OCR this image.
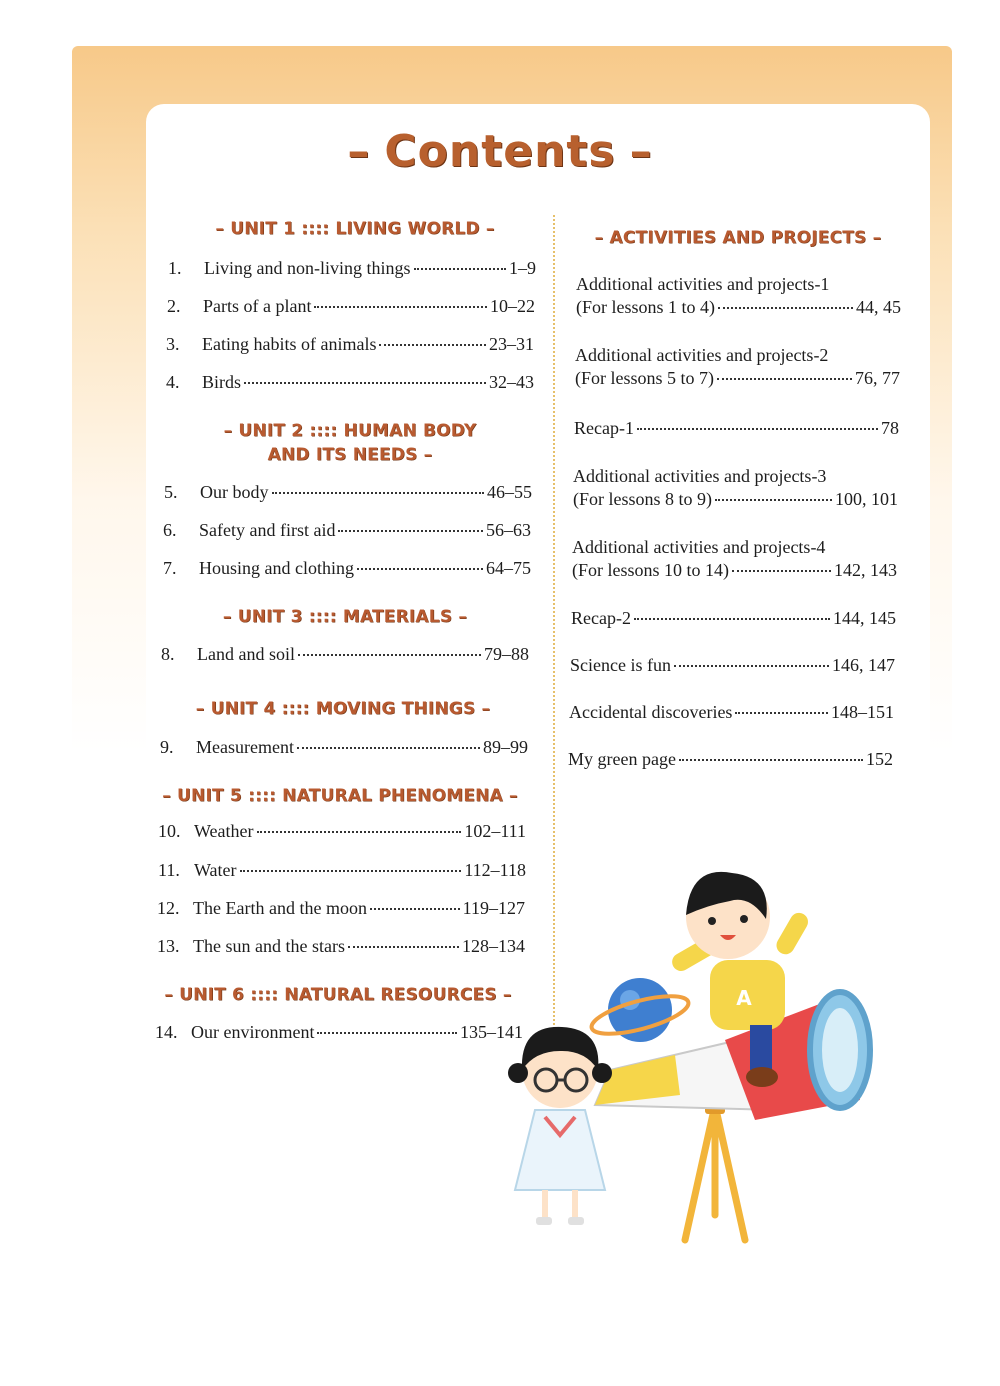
– Contents –
– UNIT 1 :::: LIVING WORLD –
1.	Living and non-living things	1–9
2.	Parts of a plant	10–22
3.	Eating habits of animals	23–31
4.	Birds	32–43
– UNIT 2 :::: HUMAN BODY
AND ITS NEEDS –
5.	Our body	46–55
6.	Safety and first aid	56–63
7.	Housing and clothing	64–75
– UNIT 3 :::: MATERIALS –
8.	Land and soil	79–88
– UNIT 4 :::: MOVING THINGS –
9.	Measurement	89–99
– UNIT 5 :::: NATURAL PHENOMENA –
10. Weather	102–111
11. Water	112–118
12. The Earth and the moon	119–127
13. The sun and the stars	128–134
– UNIT 6 :::: NATURAL RESOURCES –
14. Our environment	135–141
– ACTIVITIES AND PROJECTS –
Additional activities and projects-1
(For lessons 1 to 4)	44, 45
Additional activities and projects-2
(For lessons 5 to 7)	76, 77
Recap-1	78
Additional activities and projects-3
(For lessons 8 to 9)	100, 101
Additional activities and projects-4
(For lessons 10 to 14)	142, 143
Recap-2	144, 145
Science is fun	146, 147
Accidental discoveries	148–151
My green page	152
A
